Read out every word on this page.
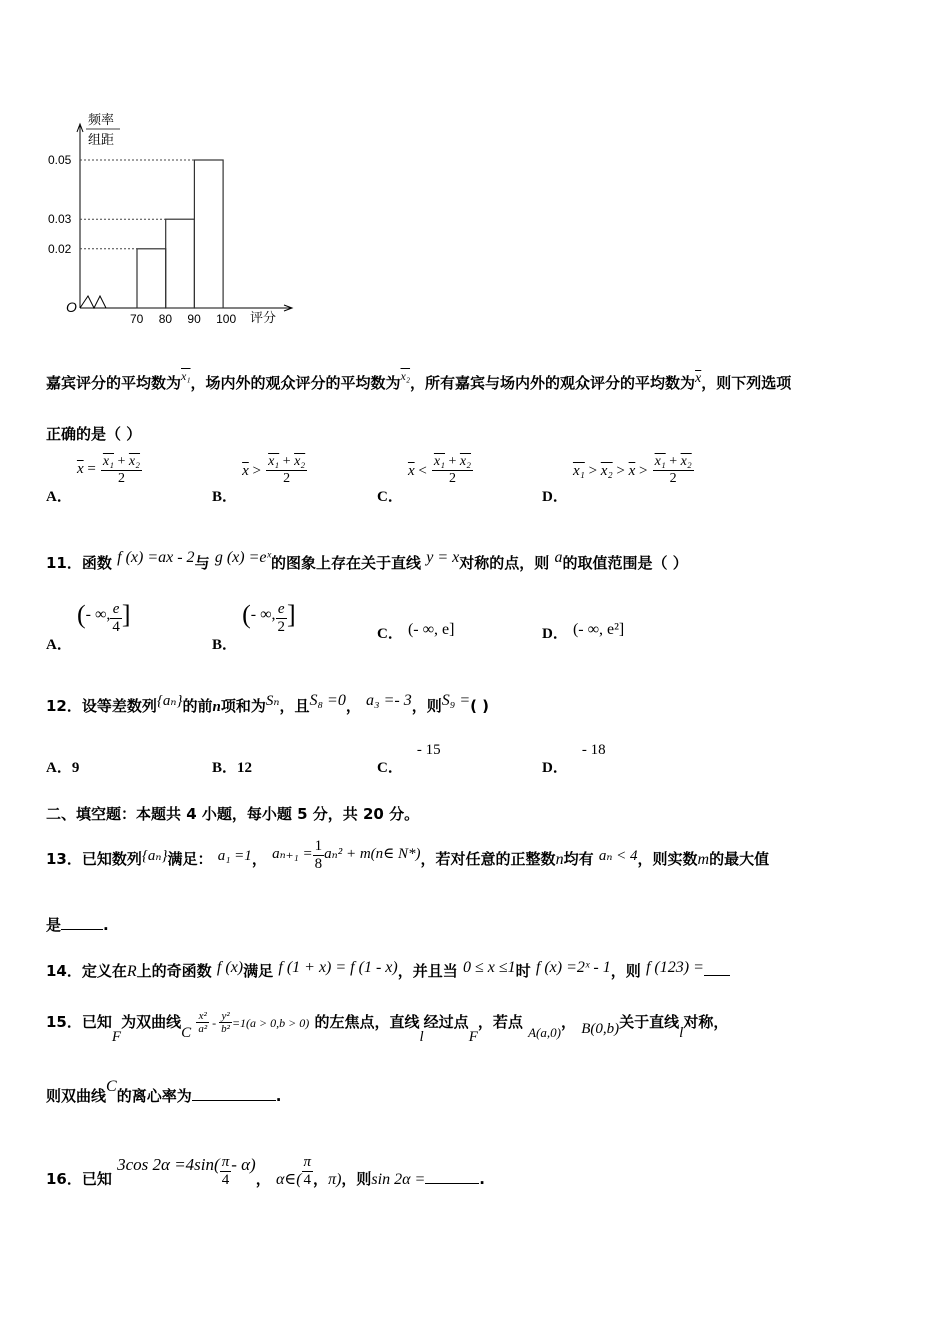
O
频率
组距
评分
0.05
0.03
0.02
70 80 90 100
嘉宾评分的平均数为$^{x_1}$，场内外的观众评分的平均数为$^{x_2}$，所有嘉宾与场内外的观众评分的平均数为$\overline{x}$，则下列选项
正确的是（ ）
A． $\overline{x} = \frac{\text{x₁ + x₂}}{2}$
B． $\overline{x} > \frac{\text{x₁ + x₂}}{2}$
C． $\overline{x} < \frac{\text{x₁ + x₂}}{2}$
D． $x_1 > x_2 > \overline{x} > \frac{\text{x₁ + x₂}}{2}$
11．函数 f (x) =ax - 2与 g (x) =eˣ的图象上存在关于直线 y = x对称的点，则 a的取值范围是（ ）
A． (- ∞, $\frac{e}{4}$ ]
B． (- ∞, $\frac{e}{2}$ ]
C． (- ∞, e]	D． (- ∞, e²]
12．设等差数列{aₙ}的前n项和为Sₙ，且S₈ =0， a₃ =- 3，则S₉ =( )
A．9	B．12	C．- 15
D．- 18
二、填空题：本题共 4 小题，每小题 5 分，共 20 分。
13．已知数列{aₙ}满足： a₁ =1， $a_{n+1} = \frac{1}{8} a_n^2$ + m(n∈ N*)，若对任意的正整数n均有 aₙ < 4，则实数m的最大值
是	.
14．定义在R上的奇函数 f (x)满足 f (1 + x) = f (1 - x)，并且当 0 ≤ x ≤1时 f (x) =2ˣ - 1，则 f (123) =
15．已知F为双曲线C $\frac{\text{x²}}{\text{a²}} - \frac{\text{y²}}{\text{b²}} =1(a > 0,b > 0)$ 的左焦点，直线l经过点F，若点 A(a,0)， B(0,b)关于直线l对称，
则双曲线C的离心率为	.
16．已知 3cos $2\alpha =4\sin( \frac{\pi}{4} - \alpha)$， α∈( $\frac{\pi}{4}$ ，π)，则sin 2α =	.
